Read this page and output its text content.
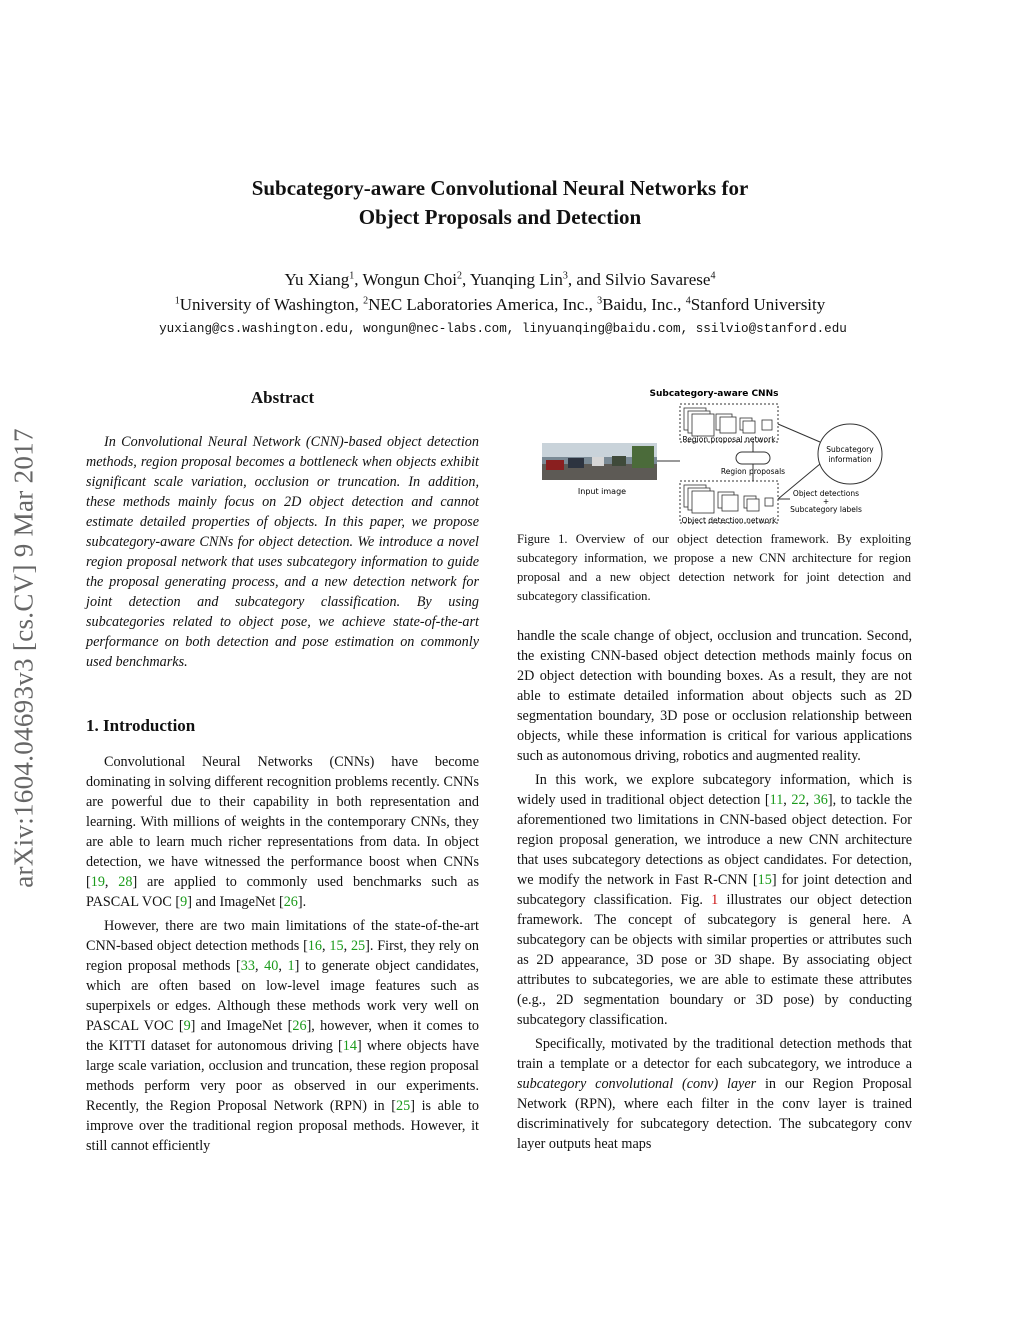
arXiv:1604.04693v3 [cs.CV] 9 Mar 2017
Subcategory-aware Convolutional Neural Networks for
Object Proposals and Detection
Yu Xiang$^1$, Wongun Choi$^2$, Yuanqing Lin$^3$, and Silvio Savarese$^4$
$^1$University of Washington, $^2$NEC Laboratories America, Inc., $^3$Baidu, Inc., $^4$Stanford University
yuxiang@cs.washington.edu, wongun@nec-labs.com, linyuanqing@baidu.com, ssilvio@stanford.edu
Abstract

In Convolutional Neural Network (CNN)-based object detection methods, region proposal becomes a bottleneck when objects exhibit significant scale variation, occlusion or truncation. In addition, these methods mainly focus on 2D object detection and cannot estimate detailed properties of objects. In this paper, we propose subcategory-aware CNNs for object detection. We introduce a novel region proposal network that uses subcategory information to guide the proposal generating process, and a new detection network for joint detection and subcategory classification. By using subcategories related to object pose, we achieve state-of-the-art performance on both detection and pose estimation on commonly used benchmarks.

1. Introduction

Convolutional Neural Networks (CNNs) have become dominating in solving different recognition problems recently. CNNs are powerful due to their capability in both representation and learning. With millions of weights in the contemporary CNNs, they are able to learn much richer representations from data. In object detection, we have witnessed the performance boost when CNNs [19, 28] are applied to commonly used benchmarks such as PASCAL VOC [9] and ImageNet [26].

However, there are two main limitations of the state-of-the-art CNN-based object detection methods [16, 15, 25]. First, they rely on region proposal methods [33, 40, 1] to generate object candidates, which are often based on low-level image features such as superpixels or edges. Although these methods work very well on PASCAL VOC [9] and ImageNet [26], however, when it comes to the KITTI dataset for autonomous driving [14] where objects have large scale variation, occlusion and truncation, these region proposal methods perform very poor as observed in our experiments. Recently, the Region Proposal Network (RPN) in [25] is able to improve over the traditional region proposal methods. However, it still cannot efficiently

Subcategory-aware CNNs
Input image
Region proposal network
Region proposals
Object detection network
Subcategory
information
Object detections
+
Subcategory labels
Figure 1. Overview of our object detection framework. By exploiting subcategory information, we propose a new CNN architecture for region proposal and a new object detection network for joint detection and subcategory classification.

handle the scale change of object, occlusion and truncation. Second, the existing CNN-based object detection methods mainly focus on 2D object detection with bounding boxes. As a result, they are not able to estimate detailed information about objects such as 2D segmentation boundary, 3D pose or occlusion relationship between objects, while these information is critical for various applications such as autonomous driving, robotics and augmented reality.

In this work, we explore subcategory information, which is widely used in traditional object detection [11, 22, 36], to tackle the aforementioned two limitations in CNN-based object detection. For region proposal generation, we introduce a new CNN architecture that uses subcategory detections as object candidates. For detection, we modify the network in Fast R-CNN [15] for joint detection and subcategory classification. Fig. 1 illustrates our object detection framework. The concept of subcategory is general here. A subcategory can be objects with similar properties or attributes such as 2D appearance, 3D pose or 3D shape. By associating object attributes to subcategories, we are able to estimate these attributes (e.g., 2D segmentation boundary or 3D pose) by conducting subcategory classification.

Specifically, motivated by the traditional detection methods that train a template or a detector for each subcategory, we introduce a subcategory convolutional (conv) layer in our Region Proposal Network (RPN), where each filter in the conv layer is trained discriminatively for subcategory detection. The subcategory conv layer outputs heat maps
